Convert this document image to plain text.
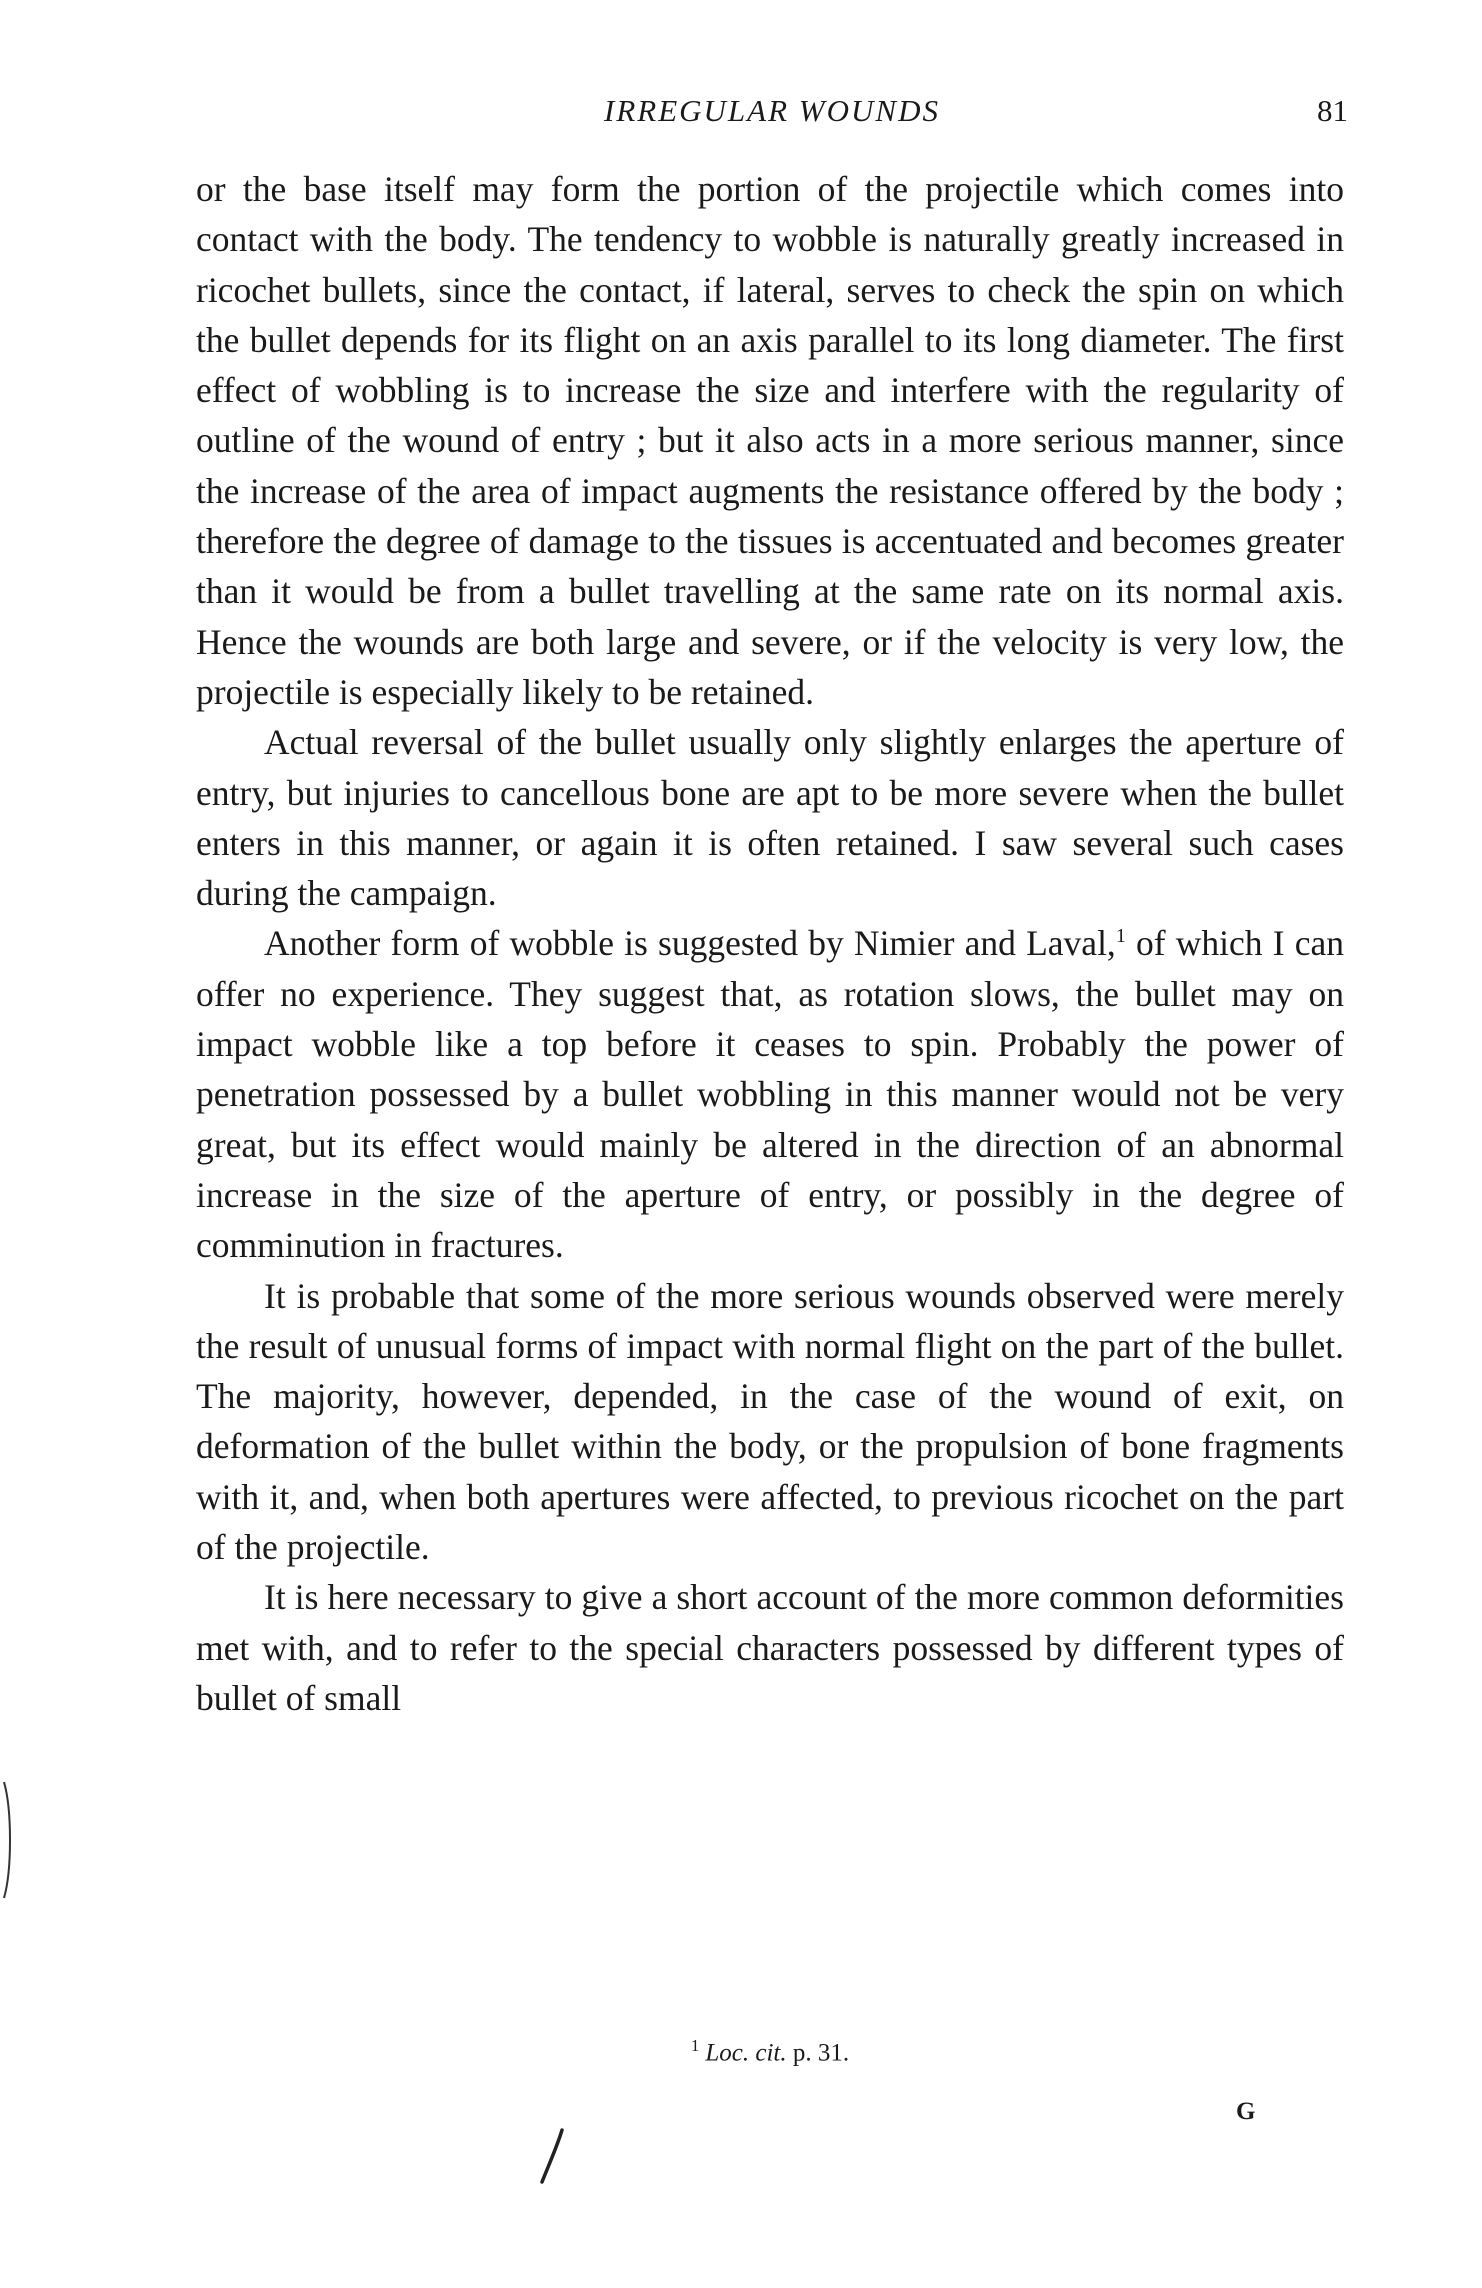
IRREGULAR WOUNDS	81

or the base itself may form the portion of the projectile which comes into contact with the body. The tendency to wobble is naturally greatly increased in ricochet bullets, since the contact, if lateral, serves to check the spin on which the bullet depends for its flight on an axis parallel to its long diameter. The first effect of wobbling is to increase the size and interfere with the regularity of outline of the wound of entry ; but it also acts in a more serious manner, since the increase of the area of impact augments the resistance offered by the body ; therefore the degree of damage to the tissues is accentuated and becomes greater than it would be from a bullet travelling at the same rate on its normal axis. Hence the wounds are both large and severe, or if the velocity is very low, the projectile is especially likely to be retained.

Actual reversal of the bullet usually only slightly enlarges the aperture of entry, but injuries to cancellous bone are apt to be more severe when the bullet enters in this manner, or again it is often retained. I saw several such cases during the campaign.

Another form of wobble is suggested by Nimier and Laval,$^1$ of which I can offer no experience. They suggest that, as rotation slows, the bullet may on impact wobble like a top before it ceases to spin. Probably the power of penetration possessed by a bullet wobbling in this manner would not be very great, but its effect would mainly be altered in the direction of an abnormal increase in the size of the aperture of entry, or possibly in the degree of comminution in fractures.

It is probable that some of the more serious wounds observed were merely the result of unusual forms of impact with normal flight on the part of the bullet. The majority, however, depended, in the case of the wound of exit, on deformation of the bullet within the body, or the propulsion of bone fragments with it, and, when both apertures were affected, to previous ricochet on the part of the projectile.

It is here necessary to give a short account of the more common deformities met with, and to refer to the special characters possessed by different types of bullet of small

$^1$ Loc. cit. p. 31.
G
